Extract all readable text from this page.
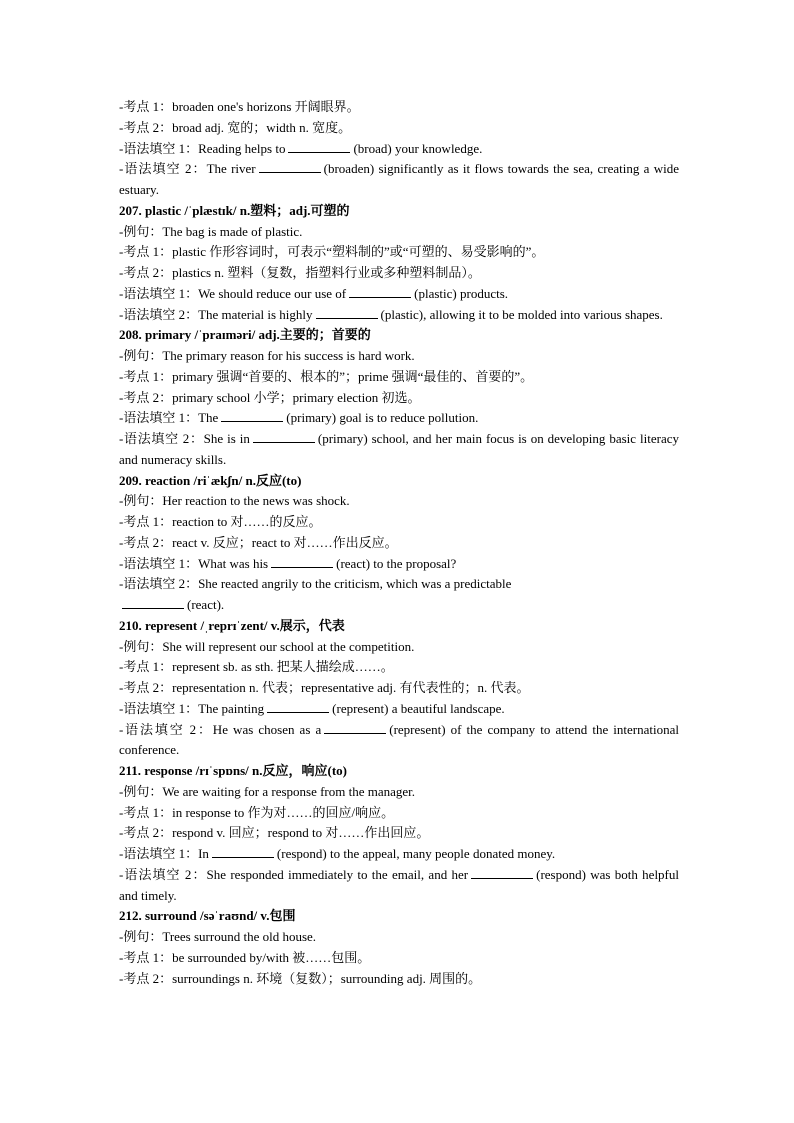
-考点 1：broaden one's horizons 开阔眼界。
-考点 2：broad adj. 宽的；width n. 宽度。
-语法填空 1：Reading helps to	(broad) your knowledge.
-语法填空 2：The river	(broaden) significantly as it flows towards the sea, creating a wide estuary.
207. plastic /ˈplæstɪk/ n.塑料；adj.可塑的
-例句：The bag is made of plastic.
-考点 1：plastic 作形容词时，可表示“塑料制的”或“可塑的、易受影响的”。
-考点 2：plastics n. 塑料（复数，指塑料行业或多种塑料制品）。
-语法填空 1：We should reduce our use of	(plastic) products.
-语法填空 2：The material is highly	(plastic), allowing it to be molded into various shapes.
208. primary /ˈpraɪməri/ adj.主要的；首要的
-例句：The primary reason for his success is hard work.
-考点 1：primary 强调“首要的、根本的”；prime 强调“最佳的、首要的”。
-考点 2：primary school 小学；primary election 初选。
-语法填空 1：The	(primary) goal is to reduce pollution.
-语法填空 2：She is in	(primary) school, and her main focus is on developing basic literacy and numeracy skills.
209. reaction /riˈækʃn/ n.反应(to)
-例句：Her reaction to the news was shock.
-考点 1：reaction to 对……的反应。
-考点 2：react v. 反应；react to 对……作出反应。
-语法填空 1：What was his	(react) to the proposal?
-语法填空 2：She reacted angrily to the criticism, which was a predictable
(react).
210. represent /ˌreprɪˈzent/ v.展示，代表
-例句：She will represent our school at the competition.
-考点 1：represent sb. as sth. 把某人描绘成……。
-考点 2：representation n. 代表；representative adj. 有代表性的；n. 代表。
-语法填空 1：The painting	(represent) a beautiful landscape.
-语法填空 2：He was chosen as a	(represent) of the company to attend the international conference.
211. response /rɪˈspɒns/ n.反应，响应(to)
-例句：We are waiting for a response from the manager.
-考点 1：in response to 作为对……的回应/响应。
-考点 2：respond v. 回应；respond to 对……作出回应。
-语法填空 1：In	(respond) to the appeal, many people donated money.
-语法填空 2：She responded immediately to the email, and her	(respond) was both helpful and timely.
212. surround /səˈraʊnd/ v.包围
-例句：Trees surround the old house.
-考点 1：be surrounded by/with 被……包围。
-考点 2：surroundings n. 环境（复数）；surrounding adj. 周围的。
